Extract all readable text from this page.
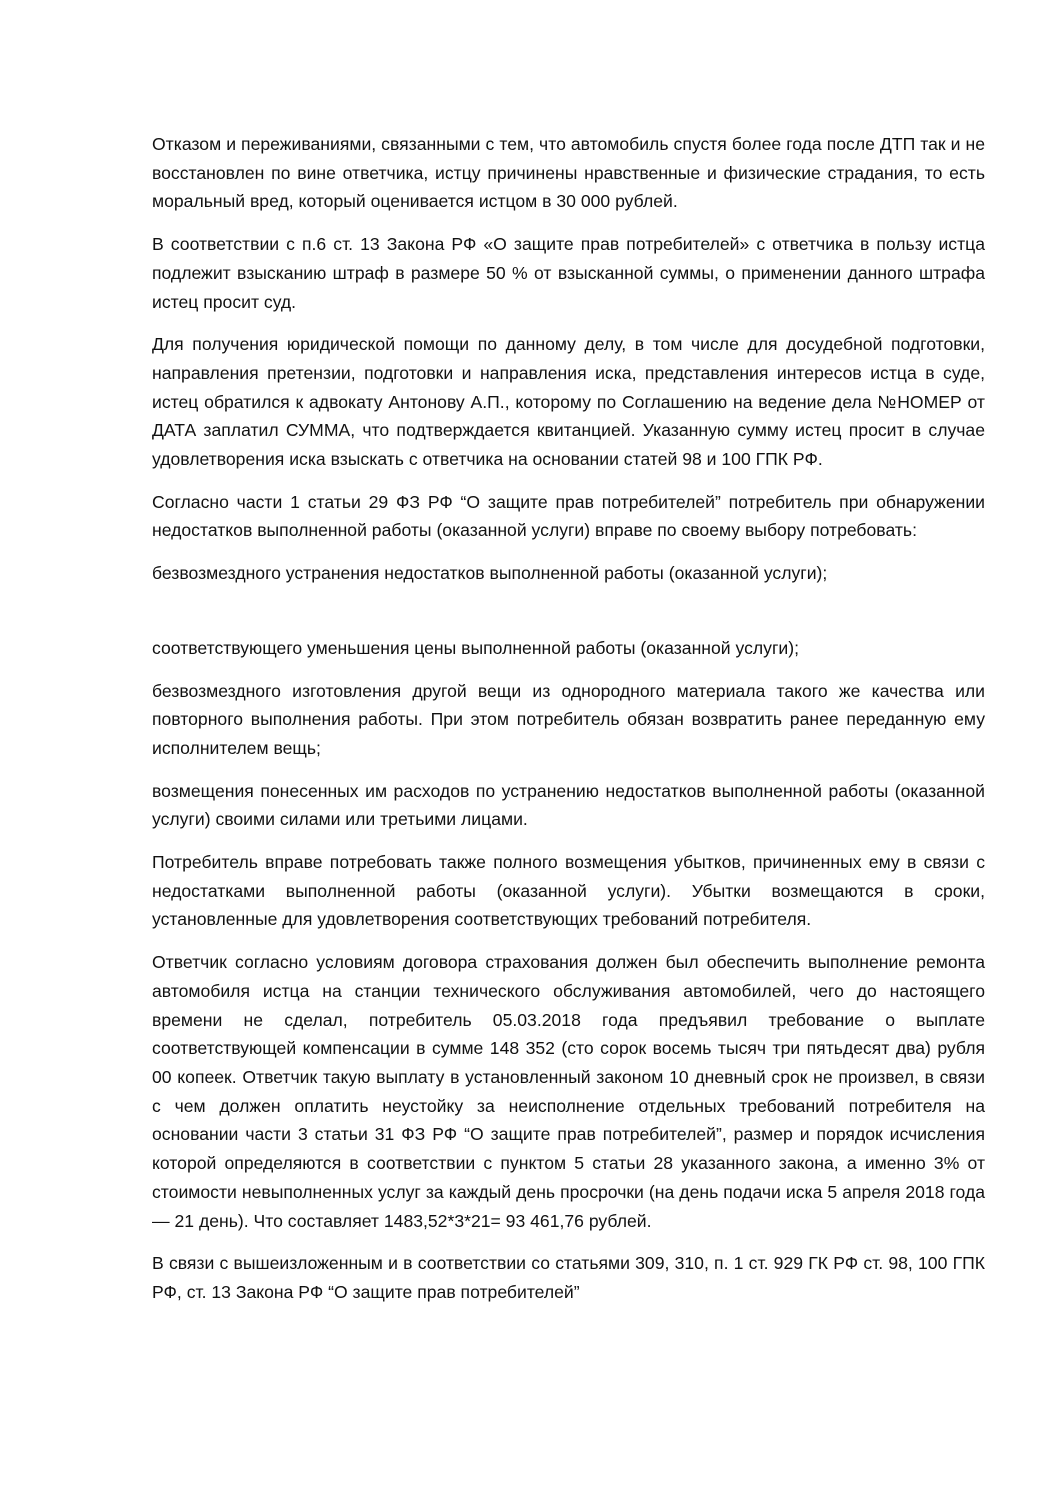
Отказом и переживаниями, связанными с тем, что автомобиль спустя более года после ДТП так и не восстановлен по вине ответчика, истцу причинены нравственные и физические страдания, то есть моральный вред, который оценивается истцом в 30 000 рублей.

В соответствии с п.6 ст. 13 Закона РФ «О защите прав потребителей» с ответчика в пользу истца подлежит взысканию штраф в размере 50 % от взысканной суммы, о применении данного штрафа истец просит суд.

Для получения юридической помощи по данному делу, в том числе для досудебной подготовки, направления претензии, подготовки и направления иска, представления интересов истца в суде, истец обратился к адвокату Антонову А.П., которому по Соглашению на ведение дела №НОМЕР от ДАТА заплатил СУММА, что подтверждается квитанцией. Указанную сумму истец просит в случае удовлетворения иска взыскать с ответчика на основании статей 98 и 100 ГПК РФ.

Согласно части 1 статьи 29 ФЗ РФ “О защите прав потребителей” потребитель при обнаружении недостатков выполненной работы (оказанной услуги) вправе по своему выбору потребовать:

безвозмездного устранения недостатков выполненной работы (оказанной услуги);

соответствующего уменьшения цены выполненной работы (оказанной услуги);

безвозмездного изготовления другой вещи из однородного материала такого же качества или повторного выполнения работы. При этом потребитель обязан возвратить ранее переданную ему исполнителем вещь;

возмещения понесенных им расходов по устранению недостатков выполненной работы (оказанной услуги) своими силами или третьими лицами.

Потребитель вправе потребовать также полного возмещения убытков, причиненных ему в связи с недостатками выполненной работы (оказанной услуги). Убытки возмещаются в сроки, установленные для удовлетворения соответствующих требований потребителя.

Ответчик согласно условиям договора страхования должен был обеспечить выполнение ремонта автомобиля истца на станции технического обслуживания автомобилей, чего до настоящего времени не сделал, потребитель 05.03.2018 года предъявил требование о выплате соответствующей компенсации в сумме 148 352 (сто сорок восемь тысяч три пятьдесят два) рубля 00 копеек. Ответчик такую выплату в установленный законом 10 дневный срок не произвел, в связи с чем должен оплатить неустойку за неисполнение отдельных требований потребителя на основании части 3 статьи 31 ФЗ РФ “О защите прав потребителей”, размер и порядок исчисления которой определяются в соответствии с пунктом 5 статьи 28 указанного закона, а именно 3% от стоимости невыполненных услуг за каждый день просрочки (на день подачи иска 5 апреля 2018 года — 21 день). Что составляет 1483,52*3*21= 93 461,76 рублей.

В связи с вышеизложенным и в соответствии со статьями 309, 310, п. 1 ст. 929 ГК РФ ст. 98, 100 ГПК РФ, ст. 13 Закона РФ “О защите прав потребителей”
